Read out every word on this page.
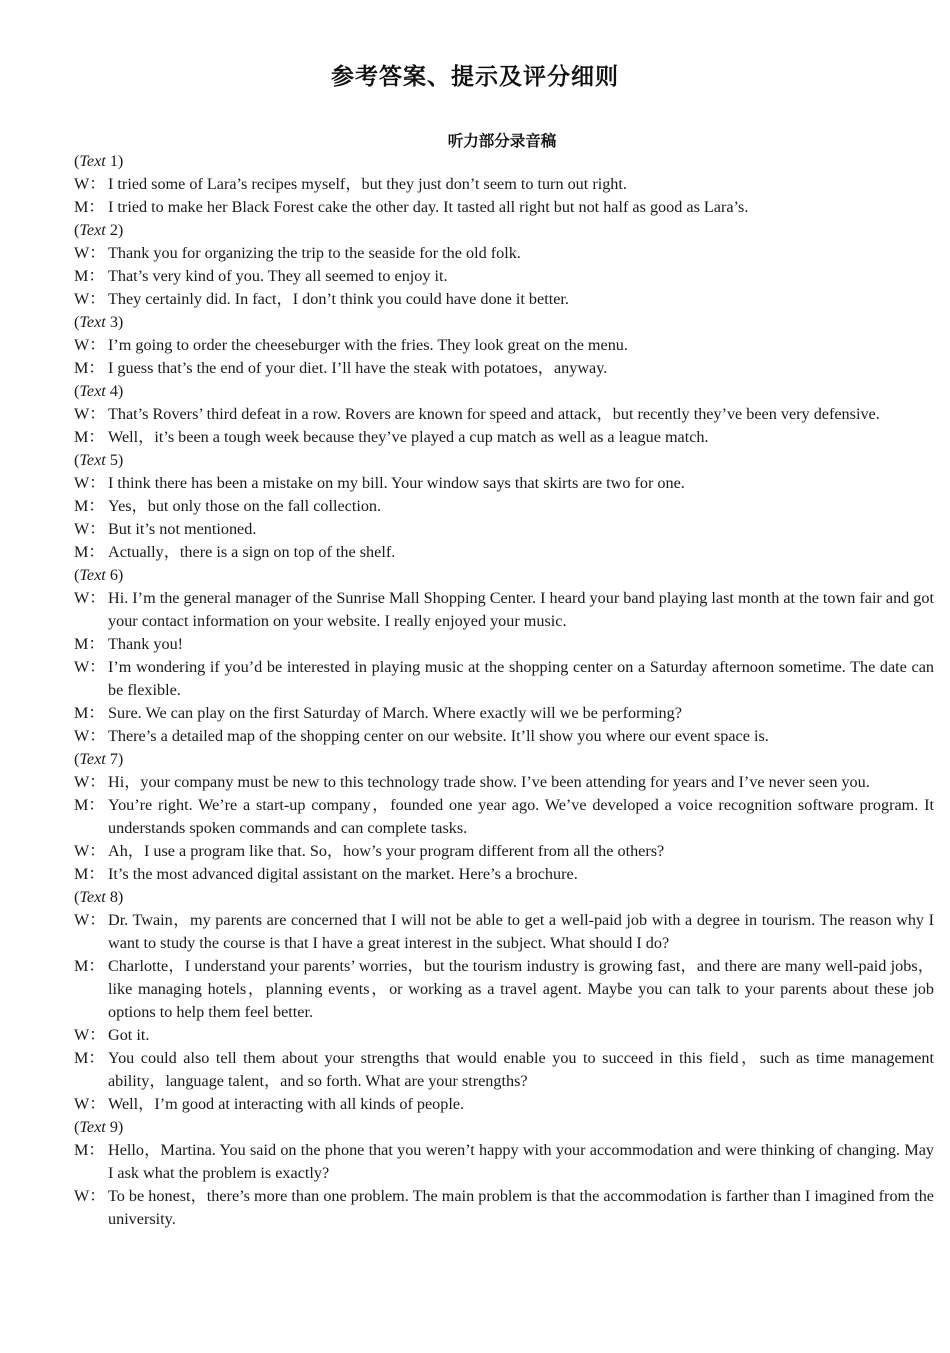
参考答案、提示及评分细则
听力部分录音稿
(Text 1)
W： I tried some of Lara’s recipes myself，but they just don’t seem to turn out right.
M： I tried to make her Black Forest cake the other day. It tasted all right but not half as good as Lara’s.
(Text 2)
W： Thank you for organizing the trip to the seaside for the old folk.
M： That’s very kind of you. They all seemed to enjoy it.
W： They certainly did. In fact，I don’t think you could have done it better.
(Text 3)
W： I’m going to order the cheeseburger with the fries. They look great on the menu.
M： I guess that’s the end of your diet. I’ll have the steak with potatoes，anyway.
(Text 4)
W： That’s Rovers’ third defeat in a row. Rovers are known for speed and attack，but recently they’ve been very defensive.
M： Well，it’s been a tough week because they’ve played a cup match as well as a league match.
(Text 5)
W： I think there has been a mistake on my bill. Your window says that skirts are two for one.
M： Yes，but only those on the fall collection.
W： But it’s not mentioned.
M： Actually，there is a sign on top of the shelf.
(Text 6)
W： Hi. I’m the general manager of the Sunrise Mall Shopping Center. I heard your band playing last month at the town fair and got your contact information on your website. I really enjoyed your music.
M： Thank you!
W： I’m wondering if you’d be interested in playing music at the shopping center on a Saturday afternoon sometime. The date can be flexible.
M： Sure. We can play on the first Saturday of March. Where exactly will we be performing?
W： There’s a detailed map of the shopping center on our website. It’ll show you where our event space is.
(Text 7)
W： Hi，your company must be new to this technology trade show. I’ve been attending for years and I’ve never seen you.
M： You’re right. We’re a start-up company，founded one year ago. We’ve developed a voice recognition software program. It understands spoken commands and can complete tasks.
W： Ah，I use a program like that. So，how’s your program different from all the others?
M： It’s the most advanced digital assistant on the market. Here’s a brochure.
(Text 8)
W： Dr. Twain，my parents are concerned that I will not be able to get a well-paid job with a degree in tourism. The reason why I want to study the course is that I have a great interest in the subject. What should I do?
M： Charlotte，I understand your parents’ worries，but the tourism industry is growing fast，and there are many well-paid jobs，like managing hotels，planning events，or working as a travel agent. Maybe you can talk to your parents about these job options to help them feel better.
W： Got it.
M： You could also tell them about your strengths that would enable you to succeed in this field，such as time management ability，language talent，and so forth. What are your strengths?
W： Well，I’m good at interacting with all kinds of people.
(Text 9)
M： Hello，Martina. You said on the phone that you weren’t happy with your accommodation and were thinking of changing. May I ask what the problem is exactly?
W： To be honest，there’s more than one problem. The main problem is that the accommodation is farther than I imagined from the university.
